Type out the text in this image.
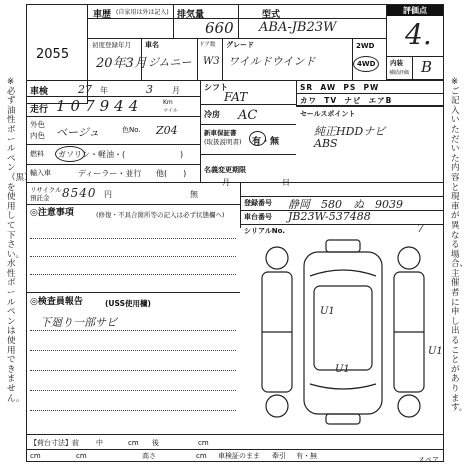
※必ず油性ボールペン（黒）を使用して下さい。水性ボールペンは使用できません。
※ご記入いただいた内容と現車が異なる場合、主催者に申し出ることがあります。
2055
車歴 (自家用は外は記入) 排気量
660
型式
ABA-JB23W
評価点
4.
初度登録年月
20年3月
車名
ジムニー
ドア数
W3
グレード
ワイルドウインド
2WD
4WD 内装
補助評価 B
車検	27 年	3 月	シフト
FAT
SR AW PS PW
カワ TV ナビ エアB
走行 107944	Km
マイル	冷房 AC
外色
内色 ベージュ	色No. Z04	新車保証書
(取扱説明書) 有・無
セールスポイント
純正HDDナビ
ABS
燃料 ガソリン・軽油・(	)
輸入車	ディーラー・並行 他(　　)	名義変更期限
月	日
リサイクル預託金	8540 円	無
登録番号 静岡　580　ぬ　9039
車台番号 JB23W-537488
シリアルNo.	7
◎注意事項	(修復・不具合箇所等の記入は必ず状態欄へ)
◎検査員報告	(USS使用欄)
下廻り一部サビ
U1
U1
U1
スペア
【荷台寸法】前 中	cm 後	cm
cm	cm	高さ	cm 車検証のまま 牽引 有・無
